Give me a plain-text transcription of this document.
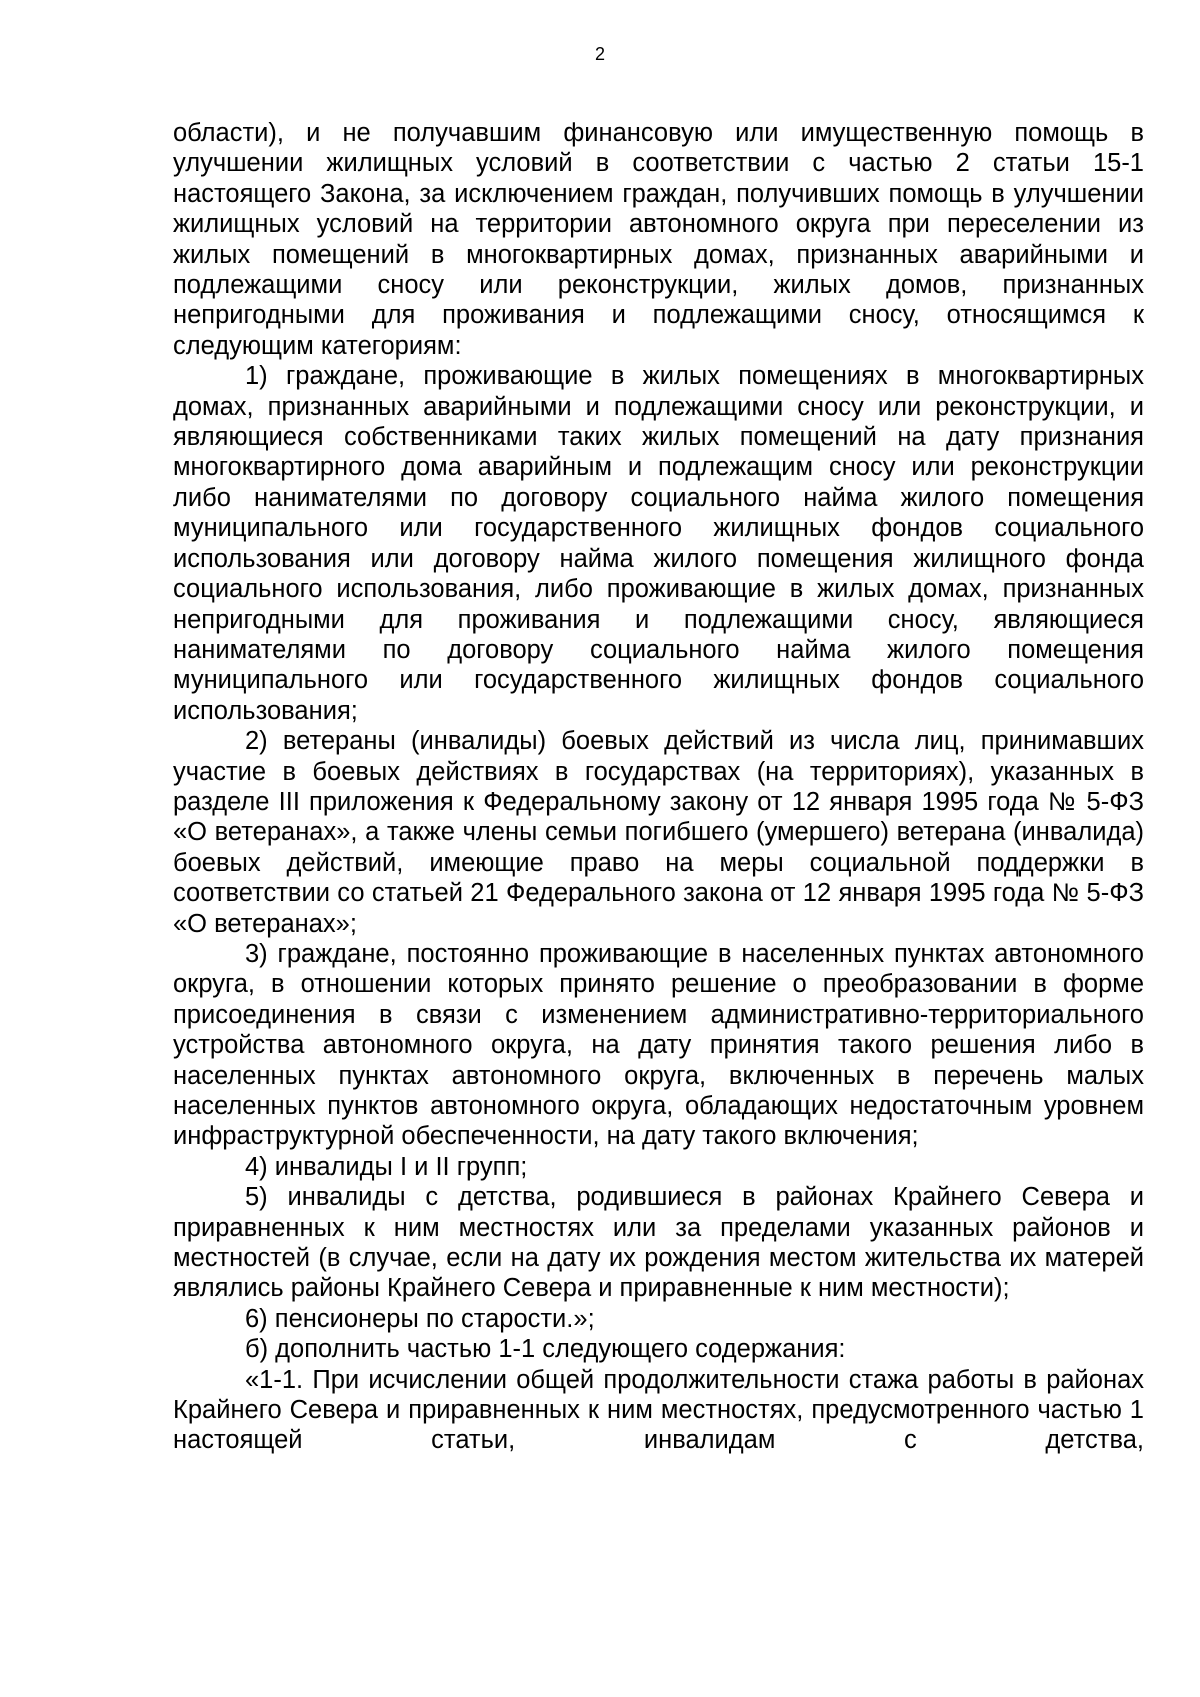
2

области), и не получавшим финансовую или имущественную помощь в улучшении жилищных условий в соответствии с частью 2 статьи 15-1 настоящего Закона, за исключением граждан, получивших помощь в улучшении жилищных условий на территории автономного округа при переселении из жилых помещений в многоквартирных домах, признанных аварийными и подлежащими сносу или реконструкции, жилых домов, признанных непригодными для проживания и подлежащими сносу, относящимся к следующим категориям:

1) граждане, проживающие в жилых помещениях в многоквартирных домах, признанных аварийными и подлежащими сносу или реконструкции, и являющиеся собственниками таких жилых помещений на дату признания многоквартирного дома аварийным и подлежащим сносу или реконструкции либо нанимателями по договору социального найма жилого помещения муниципального или государственного жилищных фондов социального использования или договору найма жилого помещения жилищного фонда социального использования, либо проживающие в жилых домах, признанных непригодными для проживания и подлежащими сносу, являющиеся нанимателями по договору социального найма жилого помещения муниципального или государственного жилищных фондов социального использования;

2) ветераны (инвалиды) боевых действий из числа лиц, принимавших участие в боевых действиях в государствах (на территориях), указанных в разделе III приложения к Федеральному закону от 12 января 1995 года № 5-ФЗ «О ветеранах», а также члены семьи погибшего (умершего) ветерана (инвалида) боевых действий, имеющие право на меры социальной поддержки в соответствии со статьей 21 Федерального закона от 12 января 1995 года № 5-ФЗ «О ветеранах»;

3) граждане, постоянно проживающие в населенных пунктах автономного округа, в отношении которых принято решение о преобразовании в форме присоединения в связи с изменением административно-территориального устройства автономного округа, на дату принятия такого решения либо в населенных пунктах автономного округа, включенных в перечень малых населенных пунктов автономного округа, обладающих недостаточным уровнем инфраструктурной обеспеченности, на дату такого включения;

4) инвалиды I и II групп;

5) инвалиды с детства, родившиеся в районах Крайнего Севера и приравненных к ним местностях или за пределами указанных районов и местностей (в случае, если на дату их рождения местом жительства их матерей являлись районы Крайнего Севера и приравненные к ним местности);

6) пенсионеры по старости.»;

б) дополнить частью 1-1 следующего содержания:

«1-1. При исчислении общей продолжительности стажа работы в районах Крайнего Севера и приравненных к ним местностях, предусмотренного частью 1 настоящей статьи, инвалидам с детства,
